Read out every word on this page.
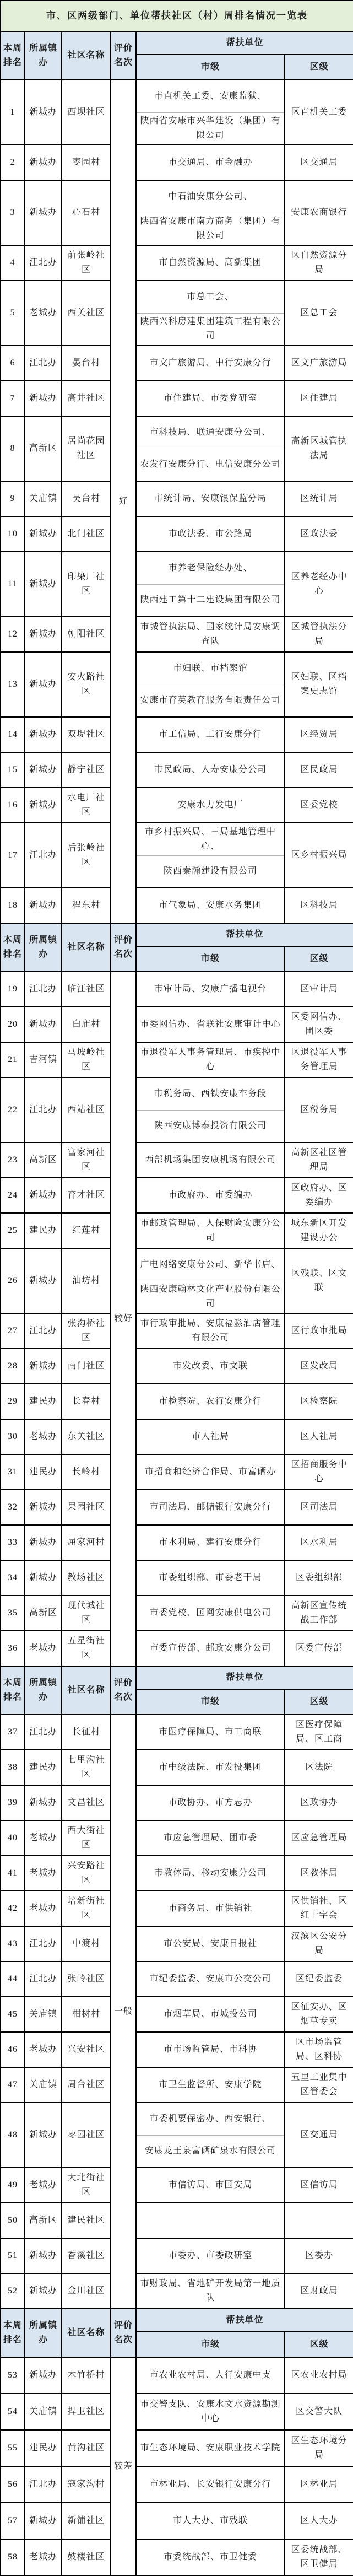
市、区两级部门、单位帮扶社区（村）周排名情况一览表					
本周排名	所属镇办	社区名称	评价名次	帮扶单位	
				市级	区级
1	新城办	西坝社区	好	市直机关工委、安康监狱、
陕西省安康市兴华建设（集团）有限公司	区直机关工委
2	新城办	枣园村		市交通局、市金融办	区交通局
3	新城办	心石村		中石油安康分公司、
陕西省安康市南方商务（集团）有限公司	安康农商银行
4	江北办	前张岭社区		市自然资源局、高新集团	区自然资源分局
5	老城办	西关社区		市总工会、
陕西兴科房建集团建筑工程有限公司	区总工会
6	江北办	晏台村		市文广旅游局、中行安康分行	区文广旅游局
7	新城办	高井社区		市住建局、市委党研室	区住建局
8	高新区	居尚花园社区		市科技局、联通安康分公司、
农发行安康分行、电信安康分公司	高新区城管执法局
9	关庙镇	吴台村		市统计局、安康银保监分局	区统计局
10	新城办	北门社区		市政法委、市公路局	区政法委
11	新城办	印染厂社区		市养老保险经办处、
陕西建工第十二建设集团有限公司	区养老经办中心
12	新城办	朝阳社区		市城管执法局、国家统计局安康调查队	区城管执法分局
13	新城办	安火路社区		市妇联、市档案馆
安康市育英教育服务有限责任公司	区妇联、区档案史志馆
14	新城办	双堤社区		市工信局、工行安康分行	区经贸局
15	新城办	静宁社区		市民政局、人寿安康分公司	区民政局
16	新城办	水电厂社区		安康水力发电厂	区委党校
17	江北办	后张岭社区		市乡村振兴局、三局基地管理中心、
陕西秦瀚建设有限公司	区乡村振兴局
18	新城办	程东村		市气象局、安康水务集团	区科技局
本周排名	所属镇办	社区名称	评价名次	帮扶单位	
				市级	区级
19	江北办	临江社区	较好	市审计局、安康广播电视台	区审计局
20	新城办	白庙村		市委网信办、省联社安康审计中心	区委网信办、团区委
21	吉河镇	马坡岭社区		市退役军人事务管理局、市疾控中心	区退役军人事务管理局
22	江北办	西站社区		市税务局、西铁安康车务段
陕西安康博泰投资有限公司	区税务局
23	高新区	富家河社区		西部机场集团安康机场有限公司	高新区社区管理局
24	新城办	育才社区		市政府办、市委编办	区政府办、区委编办
25	建民办	红莲村		市邮政管理局、人保财险安康分公司	城东新区开发建设办公
26	新城办	油坊村		广电网络安康分公司、新华书店、
陕西安康翰林文化产业股份有限公司	区残联、区文联
27	江北办	张沟桥社区		市行政审批局、安康福淼酒店管理有限公司	区行政审批局
28	新城办	南门社区		市发改委、市文联	区发改局
29	建民办	长春村		市检察院、农行安康分行	区检察院
30	老城办	东关社区		市人社局	区人社局
31	建民办	长岭村		市招商和经济合作局、市富硒办	区招商服务中心
32	新城办	果园社区		市司法局、邮储银行安康分行	区司法局
33	新城办	屈家河村		市水利局、建行安康分行	区水利局
34	新城办	教场社区		市委组织部、市委老干局	区委组织部
35	高新区	现代城社区		市委党校、国网安康供电公司	高新区宣传统战工作部
36	老城办	五星街社区		市委宣传部、邮政安康分公司	区委宣传部
本周排名	所属镇办	社区名称	评价名次	帮扶单位	
				市级	区级
37	江北办	长征村	一般	市医疗保障局、市工商联	区医疗保障局、区工商
38	建民办	七里沟社区		市中级法院、市发投集团	区法院
39	新城办	文昌社区		市政协办、市方志办	区政协办
40	老城办	西大街社区		市应急管理局、团市委	区应急管理局
41	老城办	兴安路社区		市教体局、移动安康分公司	区教体局
42	老城办	培新街社区		市商务局、市供销社	区供销社、区红十字会
43	江北办	中渡村		市公安局、安康日报社	汉滨区公安分局
44	江北办	张岭社区		市纪委监委、安康市公交公司	区纪委监委
45	关庙镇	柑树村		市烟草局、市城投公司	区征安办、区烟草专卖
46	老城办	兴安社区		市市场监管局、市科协	区市场监管局、区科协
47	关庙镇	周台社区		市卫生监督所、安康学院	五里工业集中区管委会
48	新城办	枣园社区		市委机要保密办、西安银行、
安康龙王泉富硒矿泉水有限公司	区交通局
49	老城办	大北街社区		市信访局、市国安局	区信访局
50	高新区	建民社区		

51	新城办	香溪社区		市委办、市委政研室	区委办
52	新城办	金川社区		市财政局、省地矿开发局第一地质队	区财政局
本周排名	所属镇办	社区名称	评价名次	帮扶单位	
				市级	区级
53	新城办	木竹桥村	较差	市农业农村局、人行安康中支	区农业农村局
54	关庙镇	捍卫社区		市交警支队、安康水文水资源勘测中心	区交警大队
55	建民办	黄沟社区		市生态环境局、安康职业技术学院	区生态环境分局
56	江北办	寇家沟村		市林业局、长安银行安康分行	区林业局
57	新城办	新铺社区		市人大办、市残联	区人大办
58	老城办	鼓楼社区		市委统战部、市卫健委	区委统战部、区卫健局
